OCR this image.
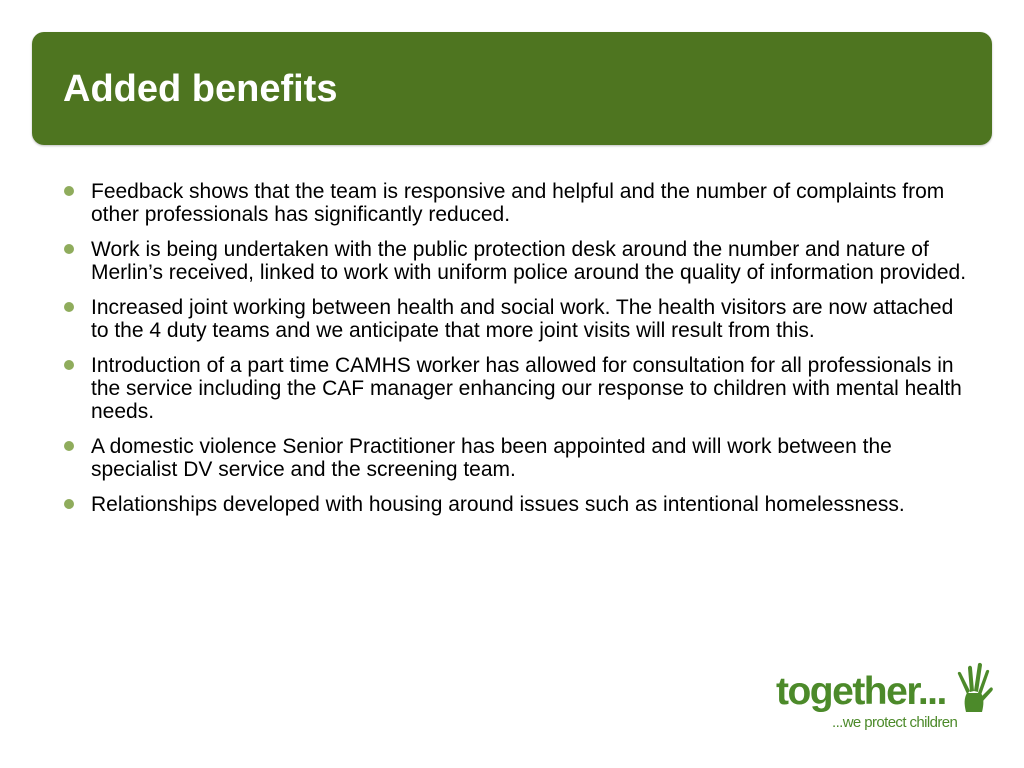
Added benefits
Feedback shows that the team is responsive and helpful and the number of complaints from other professionals has significantly reduced.
Work is being undertaken with the public protection desk around the number and nature of Merlin’s received, linked to work with uniform police around the quality of information provided.
Increased joint working between health and social work. The health visitors are now attached to the 4 duty teams and we anticipate that more joint visits will result from this.
Introduction of a part time CAMHS worker has allowed for consultation for all professionals in the service including the CAF manager enhancing our response to children with mental health needs.
A domestic violence Senior Practitioner has been appointed and will work between the specialist DV service and the screening team.
Relationships developed with housing around issues such as intentional homelessness.
together...
...we protect children
